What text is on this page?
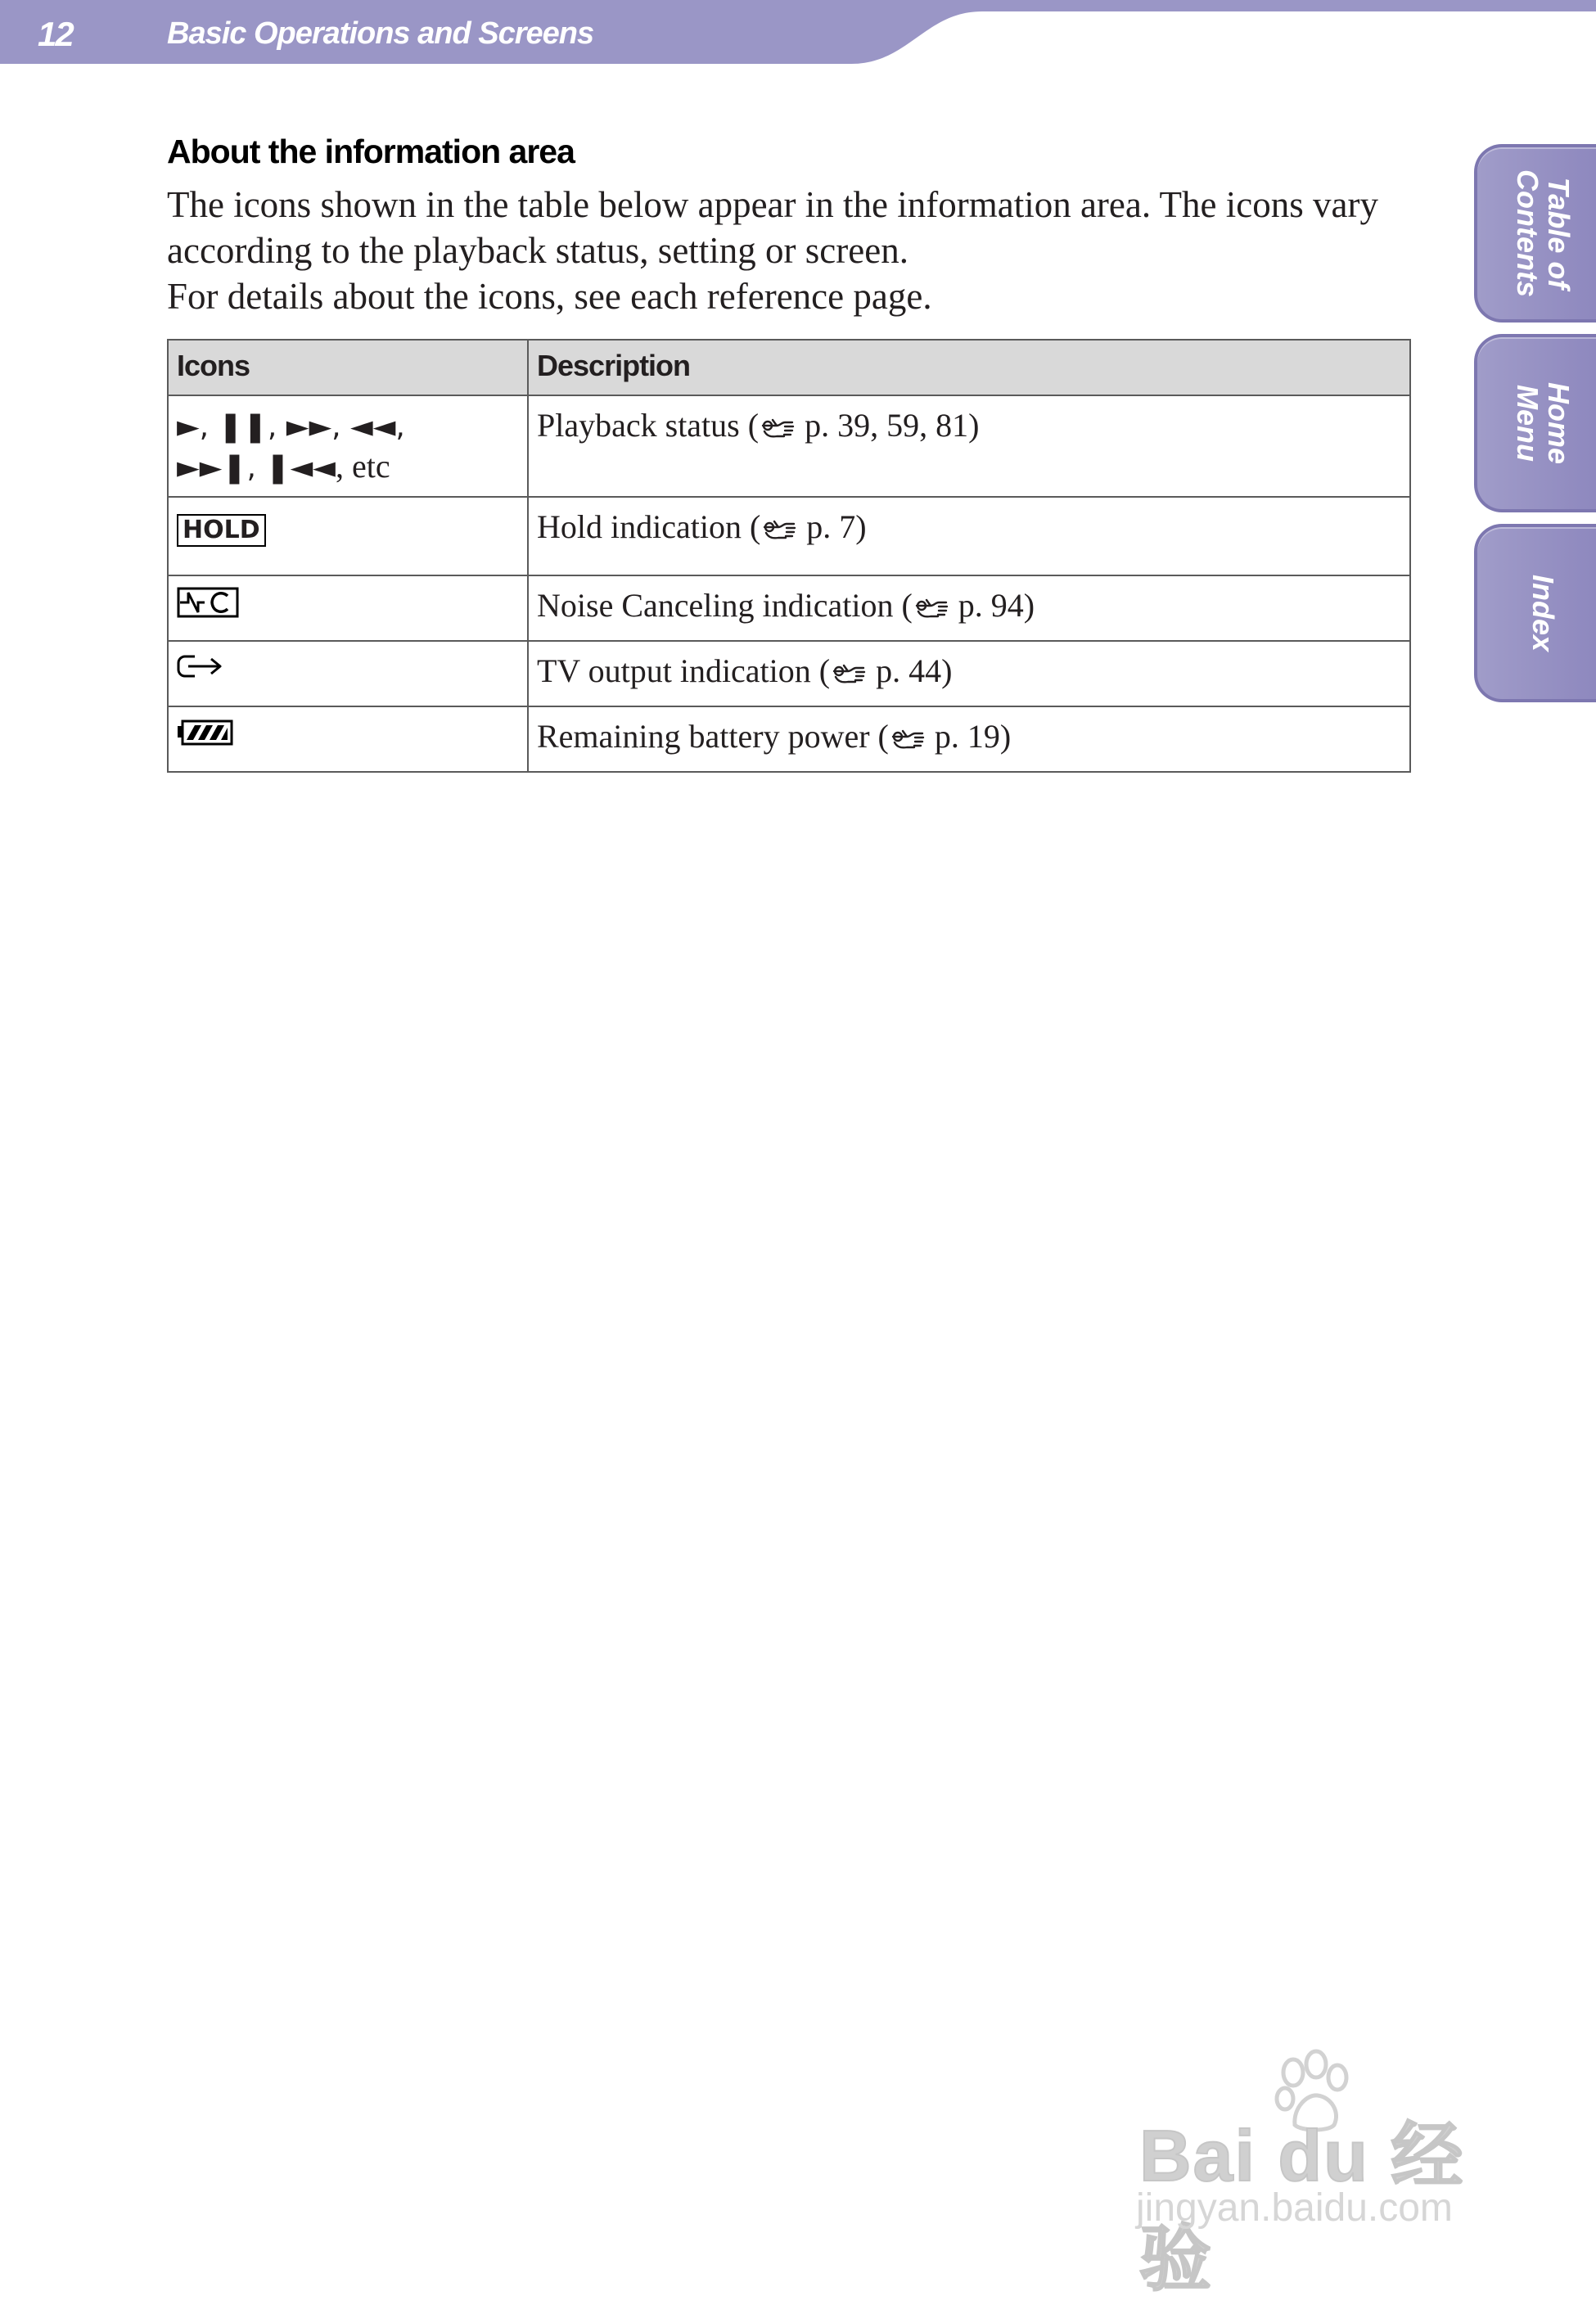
12	Basic Operations and Screens
Table of
Contents
Home
Menu
Index
About the information area

The icons shown in the table below appear in the information area. The icons vary according to the playback status, setting or screen.

For details about the icons, see each reference page.

Icons	Description
►, ❚❚, ►►, ◄◄,
►►❚, ❚◄◄, etc	Playback status ( p. 39, 59, 81)
HOLD	Hold indication ( p. 7)
	Noise Canceling indication ( p. 94)
	TV output indication ( p. 44)
	Remaining battery power ( p. 19)
Bai du 经验
jingyan.baidu.com
